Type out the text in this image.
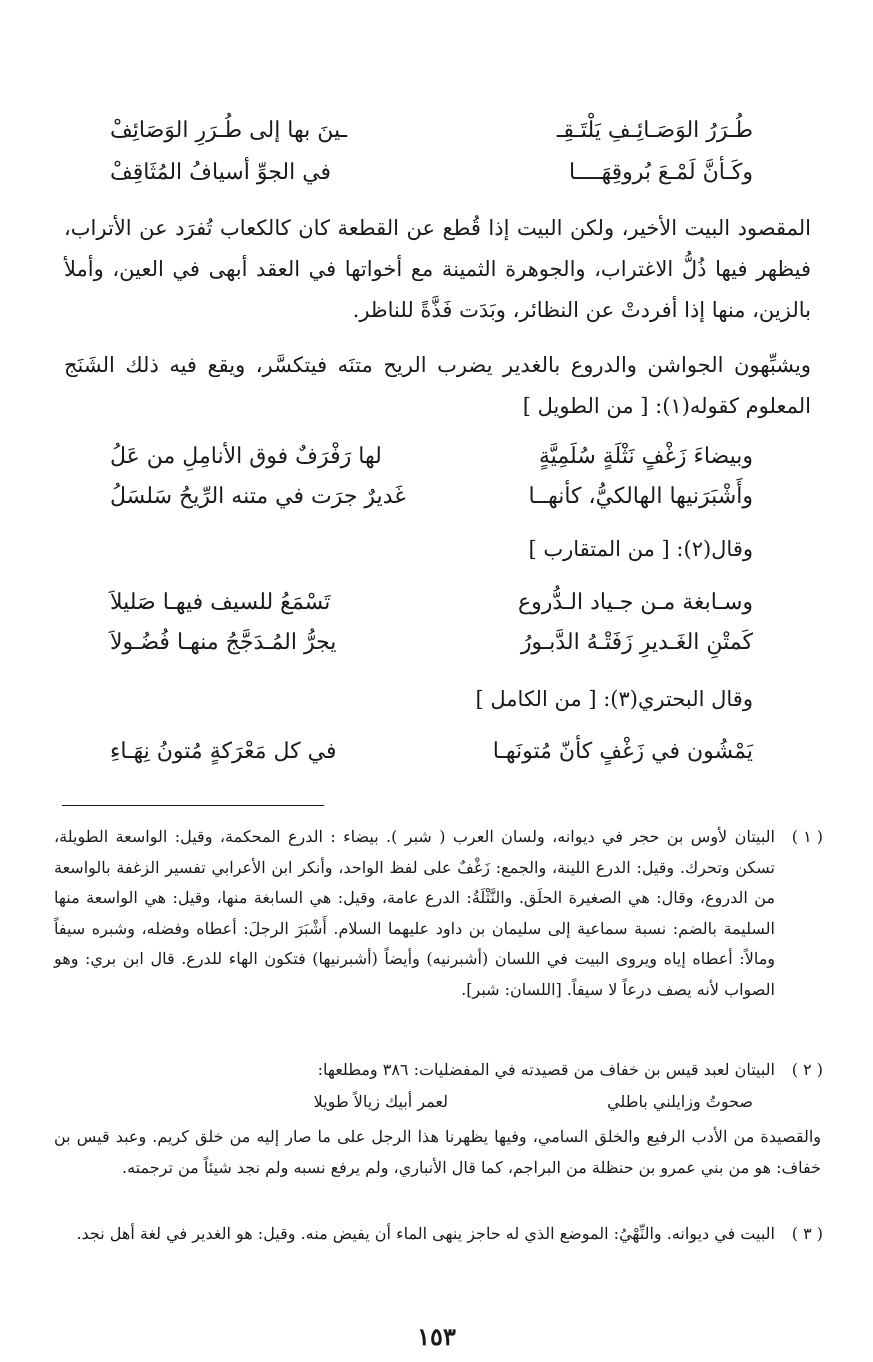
طُـرَرُ الوَصَـائِـفِ يَلْتَـقِـ
ـينَ بها إلى طُـرَرِ الوَصَائِفْ
وكَـأنَّ لَمْـعَ بُروقِهَــــا
في الجوِّ أسيافُ المُثَاقِفْ
المقصود البيت الأخير، ولكن البيت إذا قُطع عن القطعة كان كالكعاب تُفرَد عن الأتراب، فيظهر فيها ذُلُّ الاغتراب، والجوهرة الثمينة مع أخواتها في العقد أبهى في العين، وأملأ بالزين، منها إذا أفردتْ عن النظائر، وبَدَت فَذَّةً للناظر.
ويشبِّهون الجواشن والدروع بالغدير يضرب الريح متنَه فيتكسَّر، ويقع فيه ذلك الشَنَج المعلوم كقوله(١): [ من الطويل ]
وبيضاءَ زَغْفٍ نَثْلَةٍ سُلَمِيَّةٍ
لها رَفْرَفٌ فوق الأنامِلِ من عَلُ
وأَشْبَرَنيها الهالكيُّ، كأنهــا
غَديرٌ جرَت في متنه الرِّيحُ سَلسَلُ
وقال(٢): [ من المتقارب ]
وسـابغة مـن جـياد الـدُّروع
تَسْمَعُ للسيف فيهـا صَليلاَ
كَمتْنِ الغَـديرِ زَفَتْـهُ الدَّبـورُ
يجرُّ المُـدَجَّجُ منهـا فُضُـولاَ
وقال البحتري(٣): [ من الكامل ]
يَمْشُون في زَغْفٍ كأنّ مُتونَهـا
في كل مَعْرَكةٍ مُتونُ نِهَـاءِ
( ١ )
البيتان لأوس بن حجر في ديوانه، ولسان العرب ( شبر ). بيضاء : الدرع المحكمة، وقيل: الواسعة الطويلة، تسكن وتحرك. وقيل: الدرع اللينة، والجمع: زَغْفٌ على لفظ الواحد، وأنكر ابن الأعرابي تفسير الزغفة بالواسعة من الدروع، وقال: هي الصغيرة الحلَق. والنَّثْلَةُ: الدرع عامة، وقيل: هي السابغة منها، وقيل: هي الواسعة منها السليمة بالضم: نسبة سماعية إلى سليمان بن داود عليهما السلام. أَشْبَرَ الرجلَ: أعطاه وفضله، وشبره سيفاً ومالاً: أعطاه إياه ويروى البيت في اللسان (أشبرنيه) وأيضاً (أشبرنيها) فتكون الهاء للدرع. قال ابن بري: وهو الصواب لأنه يصف درعاً لا سيفاً. [اللسان: شبر].
( ٢ )
البيتان لعبد قيس بن خفاف من قصيدته في المفضليات: ٣٨٦ ومطلعها:
صحوتُ وزايلني باطلي
لعمر أبيك زيالاً طويلا
والقصيدة من الأدب الرفيع والخلق السامي، وفيها يظهرنا هذا الرجل على ما صار إليه من خلق كريم. وعبد قيس بن خفاف: هو من بني عمرو بن حنظلة من البراجم، كما قال الأنباري، ولم يرفع نسبه ولم نجد شيئاً من ترجمته.
( ٣ )
البيت في ديوانه. والنِّهْيُ: الموضع الذي له حاجز ينهى الماء أن يفيض منه. وقيل: هو الغدير في لغة أهل نجد.
١٥٣
